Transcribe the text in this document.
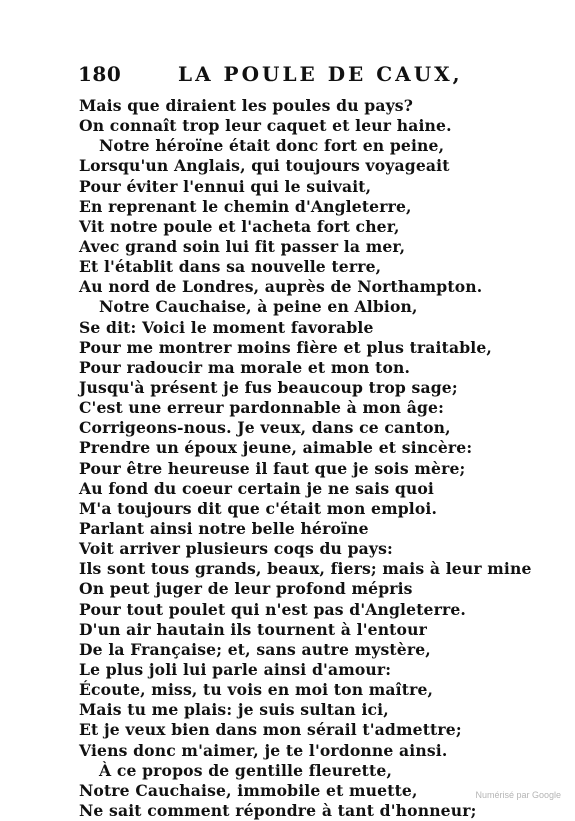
180	LA POULE DE CAUX,
Mais que diraient les poules du pays?
On connaît trop leur caquet et leur haine.
Notre héroïne était donc fort en peine,
Lorsqu'un Anglais, qui toujours voyageait
Pour éviter l'ennui qui le suivait,
En reprenant le chemin d'Angleterre,
Vit notre poule et l'acheta fort cher,
Avec grand soin lui fit passer la mer,
Et l'établit dans sa nouvelle terre,
Au nord de Londres, auprès de Northampton.
Notre Cauchaise, à peine en Albion,
Se dit: Voici le moment favorable
Pour me montrer moins fière et plus traitable,
Pour radoucir ma morale et mon ton.
Jusqu'à présent je fus beaucoup trop sage;
C'est une erreur pardonnable à mon âge:
Corrigeons-nous. Je veux, dans ce canton,
Prendre un époux jeune, aimable et sincère:
Pour être heureuse il faut que je sois mère;
Au fond du coeur certain je ne sais quoi
M'a toujours dit que c'était mon emploi.
Parlant ainsi notre belle héroïne
Voit arriver plusieurs coqs du pays:
Ils sont tous grands, beaux, fiers; mais à leur mine
On peut juger de leur profond mépris
Pour tout poulet qui n'est pas d'Angleterre.
D'un air hautain ils tournent à l'entour
De la Française; et, sans autre mystère,
Le plus joli lui parle ainsi d'amour:
Écoute, miss, tu vois en moi ton maître,
Mais tu me plais: je suis sultan ici,
Et je veux bien dans mon sérail t'admettre;
Viens donc m'aimer, je te l'ordonne ainsi.
À ce propos de gentille fleurette,
Notre Cauchaise, immobile et muette,
Ne sait comment répondre à tant d'honneur;
Numérisé par Google
